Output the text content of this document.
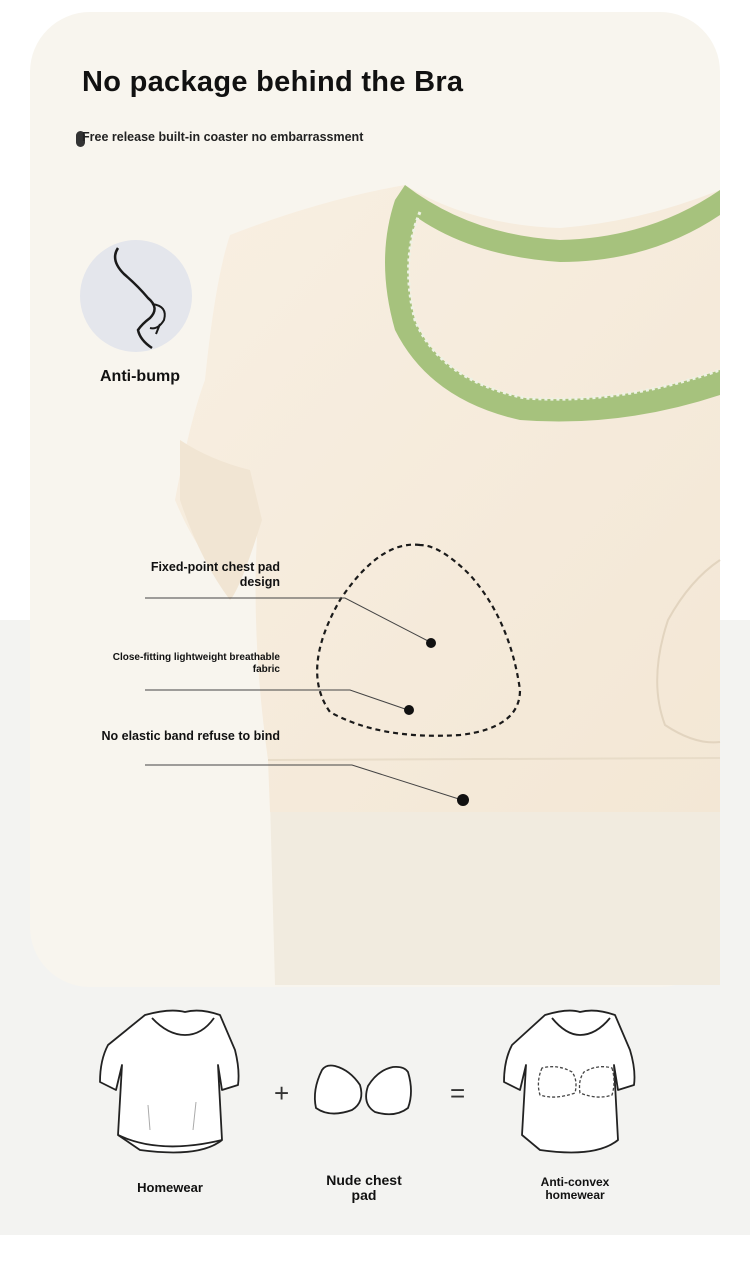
No package behind the Bra
Free release built-in coaster no embarrassment
Anti-bump
Fixed-point chest pad
design
Close-fitting lightweight breathable
fabric
No elastic band refuse to bind
+	=
Homewear	Nude chest
pad
Anti-convex
homewear
